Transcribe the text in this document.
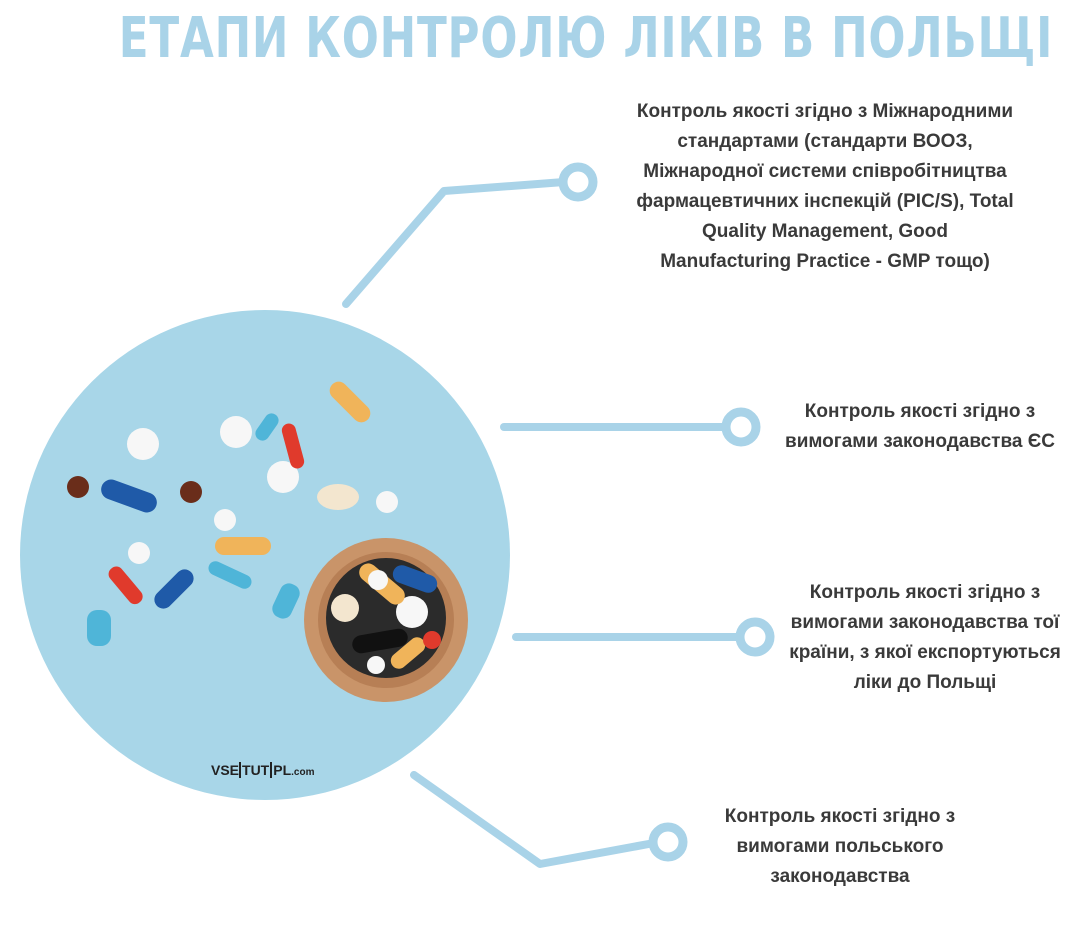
ЕТАПИ КОНТРОЛЮ ЛІКІВ В ПОЛЬЩІ
Контроль якості згідно з Міжнародними
стандартами (стандарти ВООЗ,
Міжнародної системи співробітництва
фармацевтичних інспекцій (PIC/S), Total
Quality Management, Good
Manufacturing Practice - GMP тощо)
Контроль якості згідно з
вимогами законодавства ЄС
Контроль якості згідно з
вимогами законодавства тої
країни, з якої експортуються
ліки до Польщі
Контроль якості згідно з
вимогами польського
законодавства
VSE TUT PL.com
